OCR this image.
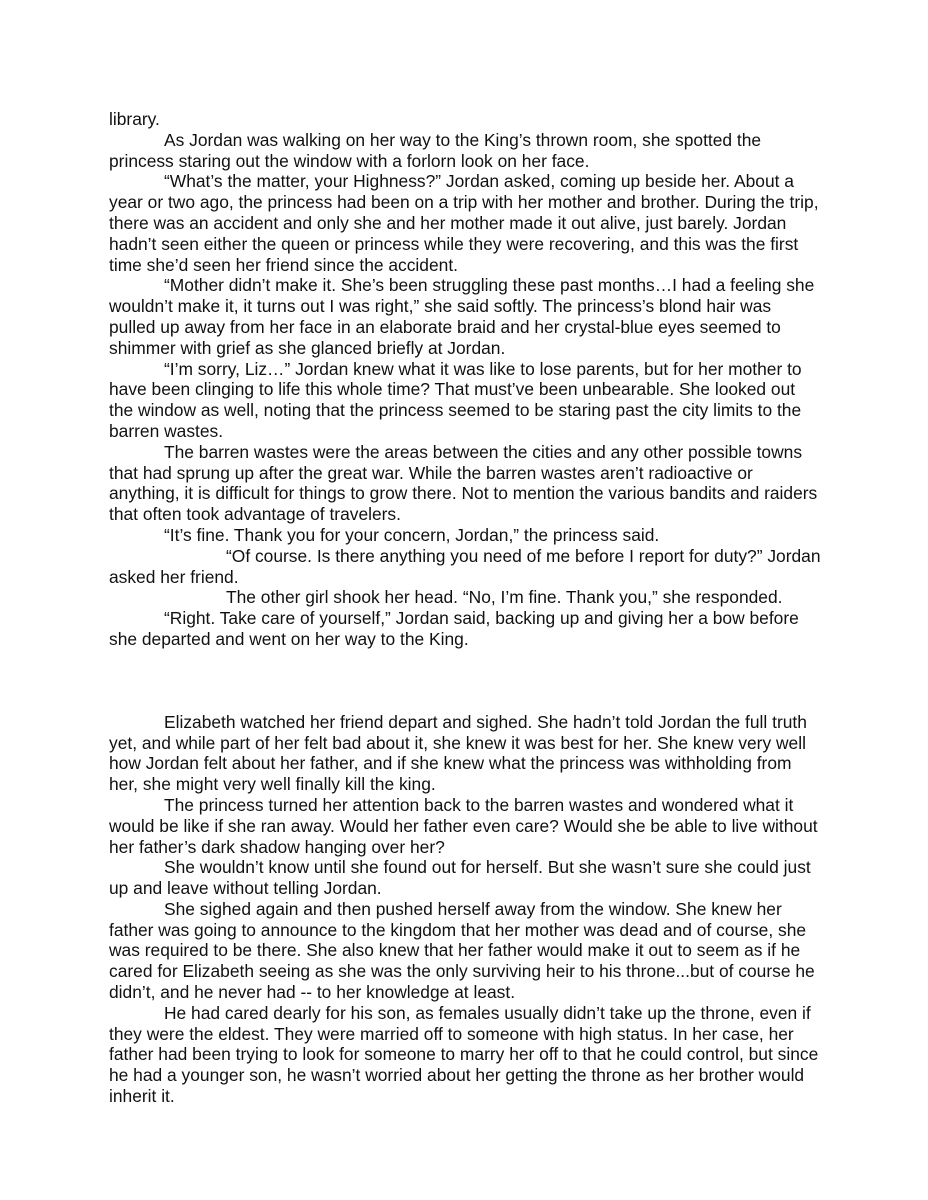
library.

As Jordan was walking on her way to the King’s thrown room, she spotted the princess staring out the window with a forlorn look on her face.

“What’s the matter, your Highness?” Jordan asked, coming up beside her. About a year or two ago, the princess had been on a trip with her mother and brother. During the trip, there was an accident and only she and her mother made it out alive, just barely. Jordan hadn’t seen either the queen or princess while they were recovering, and this was the first time she’d seen her friend since the accident.

“Mother didn’t make it. She’s been struggling these past months…I had a feeling she wouldn’t make it, it turns out I was right,” she said softly. The princess’s blond hair was pulled up away from her face in an elaborate braid and her crystal-blue eyes seemed to shimmer with grief as she glanced briefly at Jordan.

“I’m sorry, Liz…” Jordan knew what it was like to lose parents, but for her mother to have been clinging to life this whole time? That must’ve been unbearable. She looked out the window as well, noting that the princess seemed to be staring past the city limits to the barren wastes.

The barren wastes were the areas between the cities and any other possible towns that had sprung up after the great war. While the barren wastes aren’t radioactive or anything, it is difficult for things to grow there. Not to mention the various bandits and raiders that often took advantage of travelers.

“It’s fine. Thank you for your concern, Jordan,” the princess said.

“Of course. Is there anything you need of me before I report for duty?” Jordan asked her friend.

The other girl shook her head. “No, I’m fine. Thank you,” she responded.

“Right. Take care of yourself,” Jordan said, backing up and giving her a bow before she departed and went on her way to the King.

Elizabeth watched her friend depart and sighed. She hadn’t told Jordan the full truth yet, and while part of her felt bad about it, she knew it was best for her. She knew very well how Jordan felt about her father, and if she knew what the princess was withholding from her, she might very well finally kill the king.

The princess turned her attention back to the barren wastes and wondered what it would be like if she ran away. Would her father even care? Would she be able to live without her father’s dark shadow hanging over her?

She wouldn’t know until she found out for herself. But she wasn’t sure she could just up and leave without telling Jordan.

She sighed again and then pushed herself away from the window. She knew her father was going to announce to the kingdom that her mother was dead and of course, she was required to be there. She also knew that her father would make it out to seem as if he cared for Elizabeth seeing as she was the only surviving heir to his throne...but of course he didn’t, and he never had -- to her knowledge at least.

He had cared dearly for his son, as females usually didn’t take up the throne, even if they were the eldest. They were married off to someone with high status. In her case, her father had been trying to look for someone to marry her off to that he could control, but since he had a younger son, he wasn’t worried about her getting the throne as her brother would inherit it.
